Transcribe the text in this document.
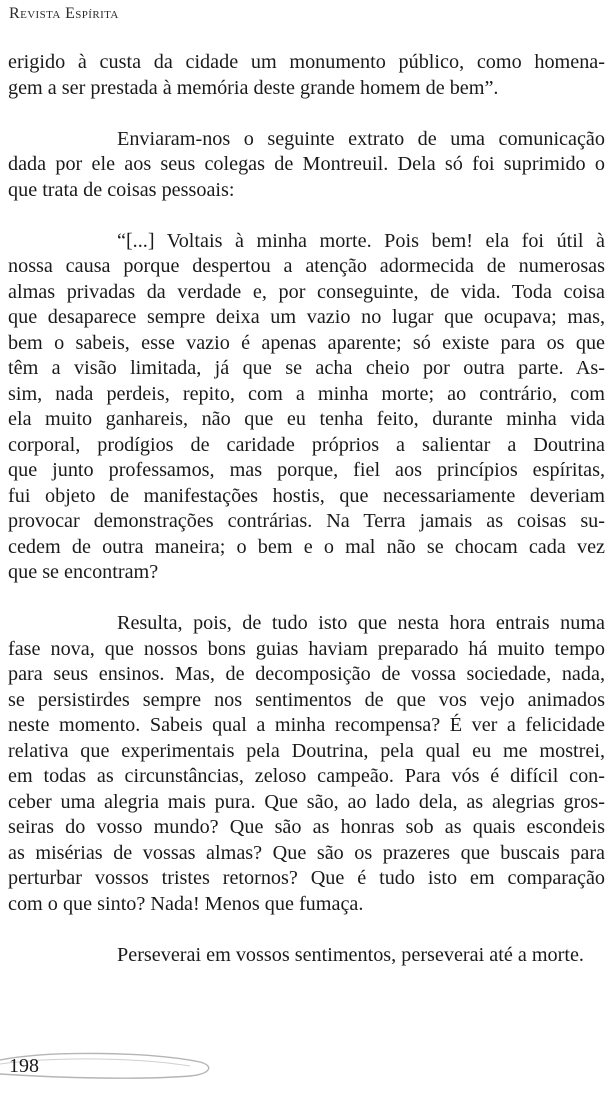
Revista Espírita
erigido à custa da cidade um monumento público, como homena-
gem a ser prestada à memória deste grande homem de bem”.
Enviaram-nos o seguinte extrato de uma comunicação
dada por ele aos seus colegas de Montreuil. Dela só foi suprimido o
que trata de coisas pessoais:
“[...] Voltais à minha morte. Pois bem! ela foi útil à
nossa causa porque despertou a atenção adormecida de numerosas
almas privadas da verdade e, por conseguinte, de vida. Toda coisa
que desaparece sempre deixa um vazio no lugar que ocupava; mas,
bem o sabeis, esse vazio é apenas aparente; só existe para os que
têm a visão limitada, já que se acha cheio por outra parte. As-
sim, nada perdeis, repito, com a minha morte; ao contrário, com
ela muito ganhareis, não que eu tenha feito, durante minha vida
corporal, prodígios de caridade próprios a salientar a Doutrina
que junto professamos, mas porque, fiel aos princípios espíritas,
fui objeto de manifestações hostis, que necessariamente deveriam
provocar demonstrações contrárias. Na Terra jamais as coisas su-
cedem de outra maneira; o bem e o mal não se chocam cada vez
que se encontram?
Resulta, pois, de tudo isto que nesta hora entrais numa
fase nova, que nossos bons guias haviam preparado há muito tempo
para seus ensinos. Mas, de decomposição de vossa sociedade, nada,
se persistirdes sempre nos sentimentos de que vos vejo animados
neste momento. Sabeis qual a minha recompensa? É ver a felicidade
relativa que experimentais pela Doutrina, pela qual eu me mostrei,
em todas as circunstâncias, zeloso campeão. Para vós é difícil con-
ceber uma alegria mais pura. Que são, ao lado dela, as alegrias gros-
seiras do vosso mundo? Que são as honras sob as quais escondeis
as misérias de vossas almas? Que são os prazeres que buscais para
perturbar vossos tristes retornos? Que é tudo isto em comparação
com o que sinto? Nada! Menos que fumaça.
Perseverai em vossos sentimentos, perseverai até a morte.
198
